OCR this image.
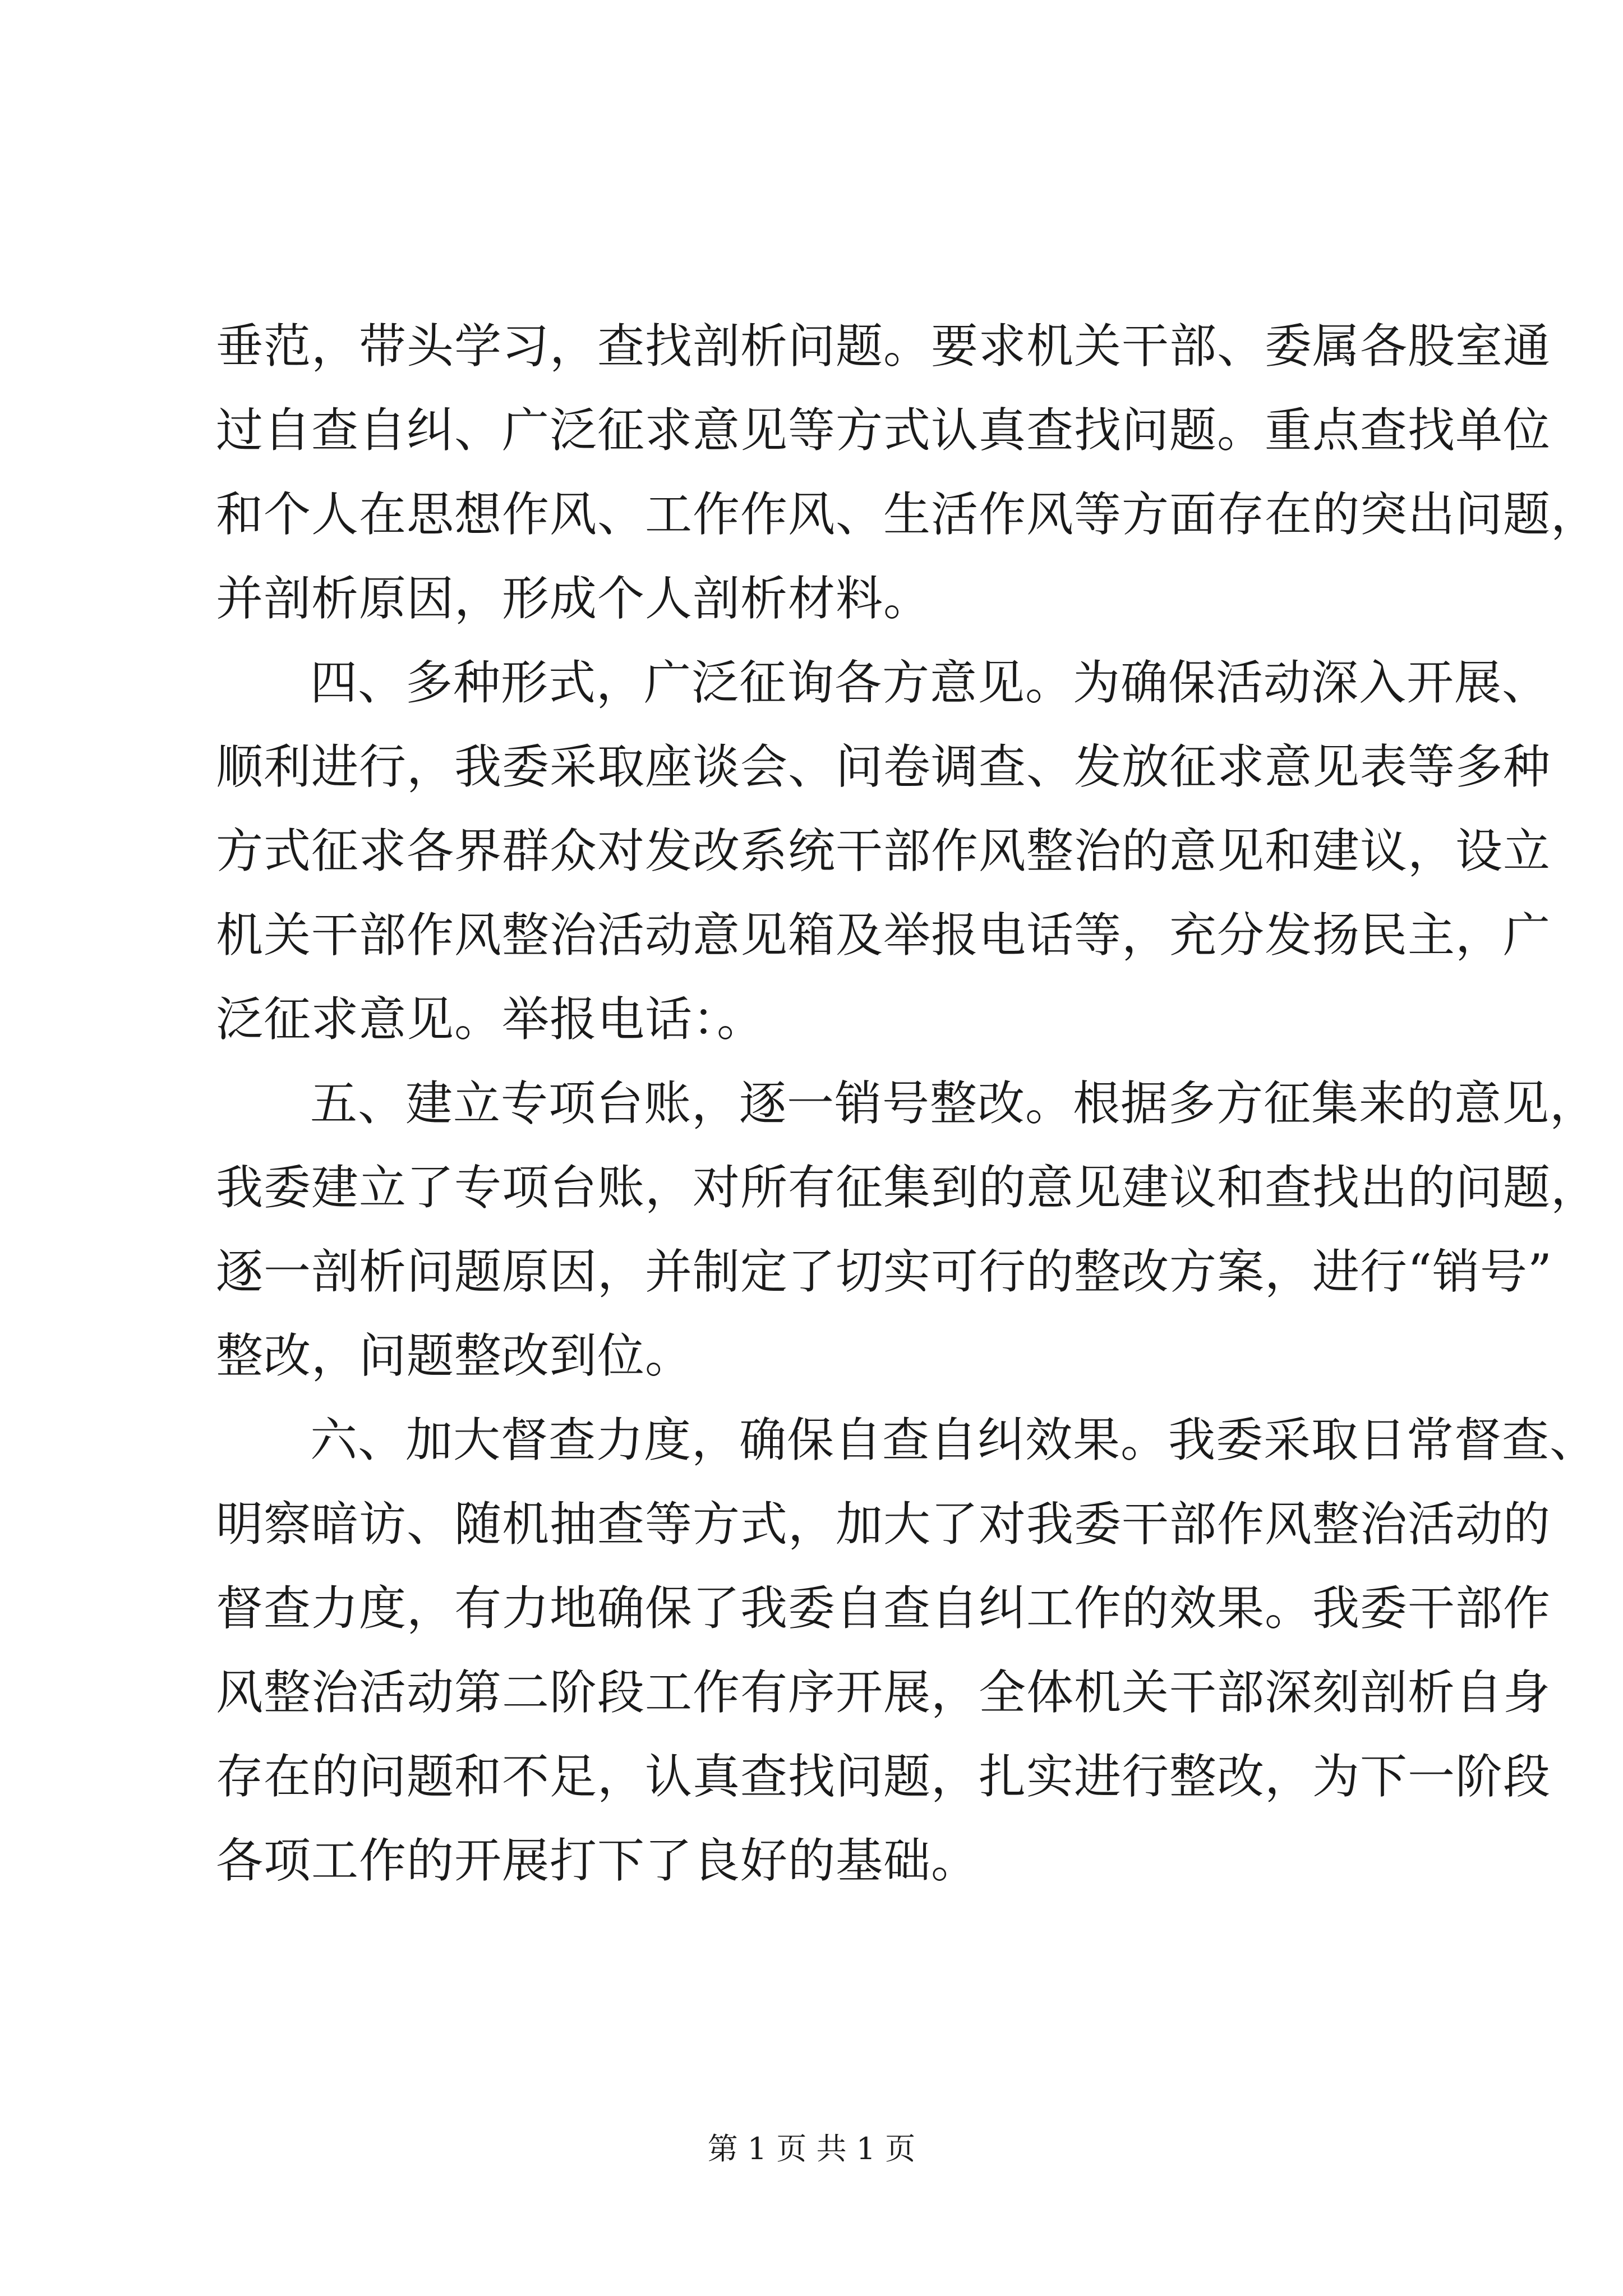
垂范，带头学习，查找剖析问题。要求机关干部、委属各股室通
过自查自纠、广泛征求意见等方式认真查找问题。重点查找单位
和个人在思想作风、工作作风、生活作风等方面存在的突出问题，
并剖析原因，形成个人剖析材料。
四、多种形式，广泛征询各方意见。为确保活动深入开展、
顺利进行，我委采取座谈会、问卷调查、发放征求意见表等多种
方式征求各界群众对发改系统干部作风整治的意见和建议，设立
机关干部作风整治活动意见箱及举报电话等，充分发扬民主，广
泛征求意见。举报电话：。
五、建立专项台账，逐一销号整改。根据多方征集来的意见，
我委建立了专项台账，对所有征集到的意见建议和查找出的问题，
逐一剖析问题原因，并制定了切实可行的整改方案，进行“销号”
整改，问题整改到位。
六、加大督查力度，确保自查自纠效果。我委采取日常督查、
明察暗访、随机抽查等方式，加大了对我委干部作风整治活动的
督查力度，有力地确保了我委自查自纠工作的效果。我委干部作
风整治活动第二阶段工作有序开展，全体机关干部深刻剖析自身
存在的问题和不足，认真查找问题，扎实进行整改，为下一阶段
各项工作的开展打下了良好的基础。
第 1 页 共 1 页
